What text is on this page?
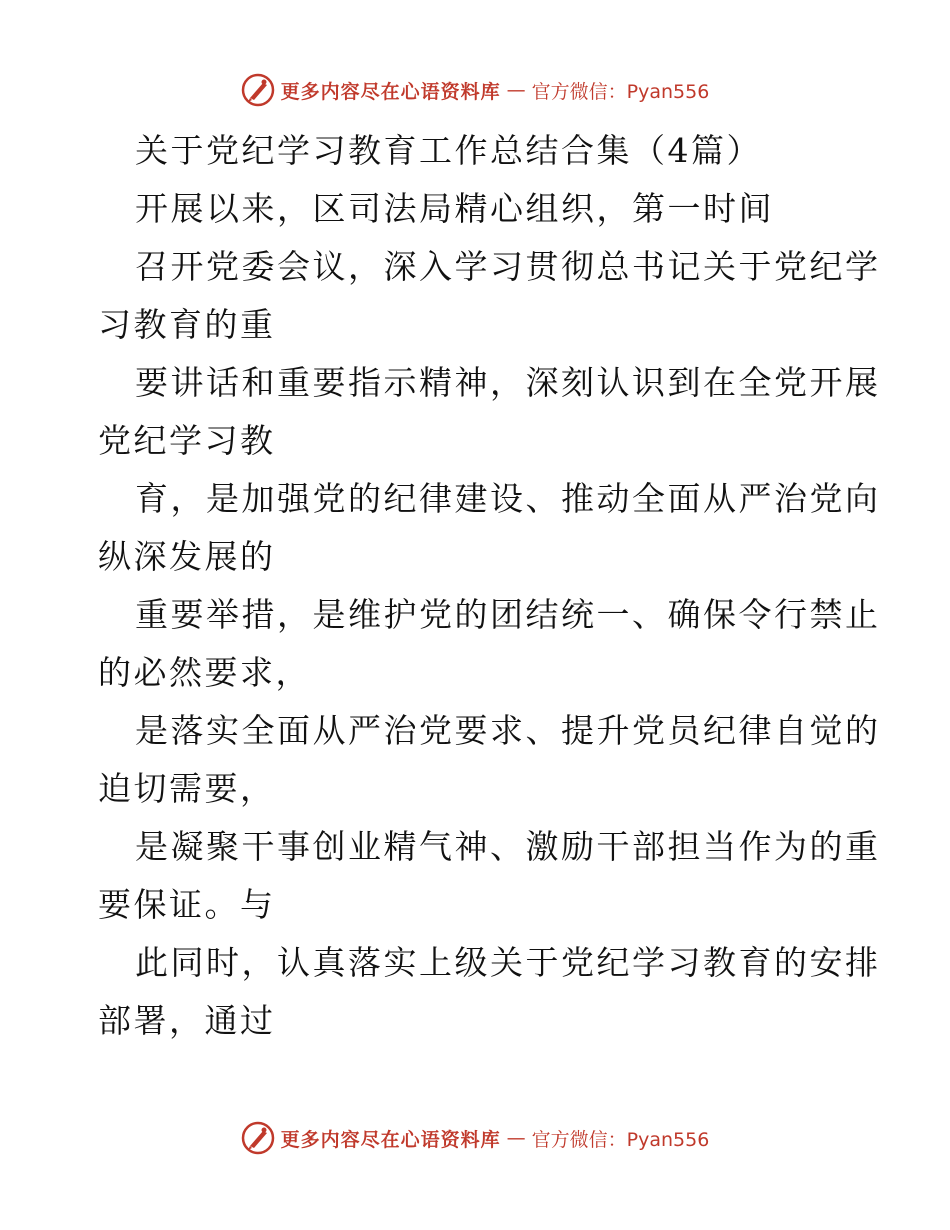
更多内容尽在心语资料库 — 官方微信：Pyan556
关于党纪学习教育工作总结合集（4篇）
开展以来，区司法局精心组织，第一时间
召开党委会议，深入学习贯彻总书记关于党纪学
习教育的重
要讲话和重要指示精神，深刻认识到在全党开展
党纪学习教
育，是加强党的纪律建设、推动全面从严治党向
纵深发展的
重要举措，是维护党的团结统一、确保令行禁止
的必然要求，
是落实全面从严治党要求、提升党员纪律自觉的
迫切需要，
是凝聚干事创业精气神、激励干部担当作为的重
要保证。与
此同时，认真落实上级关于党纪学习教育的安排
部署，通过
更多内容尽在心语资料库 — 官方微信：Pyan556
